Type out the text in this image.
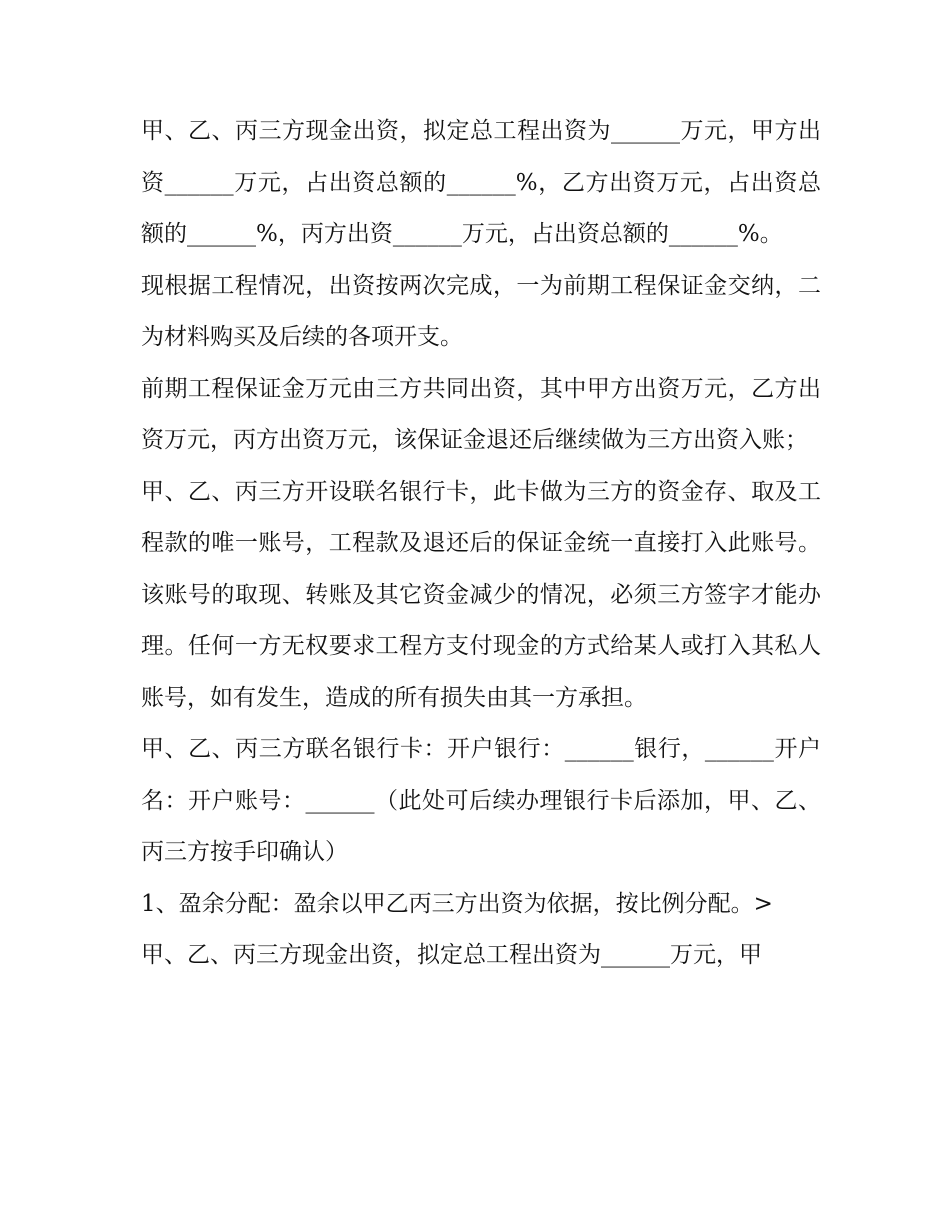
甲、乙、丙三方现金出资，拟定总工程出资为______万元，甲方出资______万元，占出资总额的______%，乙方出资万元，占出资总额的______%，丙方出资______万元，占出资总额的______%。

现根据工程情况，出资按两次完成，一为前期工程保证金交纳，二为材料购买及后续的各项开支。

前期工程保证金万元由三方共同出资，其中甲方出资万元，乙方出资万元，丙方出资万元，该保证金退还后继续做为三方出资入账；

甲、乙、丙三方开设联名银行卡，此卡做为三方的资金存、取及工程款的唯一账号，工程款及退还后的保证金统一直接打入此账号。该账号的取现、转账及其它资金减少的情况，必须三方签字才能办理。任何一方无权要求工程方支付现金的方式给某人或打入其私人账号，如有发生，造成的所有损失由其一方承担。

甲、乙、丙三方联名银行卡：开户银行：______银行，______开户名：开户账号：______（此处可后续办理银行卡后添加，甲、乙、丙三方按手印确认）

1、盈余分配：盈余以甲乙丙三方出资为依据，按比例分配。>

甲、乙、丙三方现金出资，拟定总工程出资为______万元，甲
